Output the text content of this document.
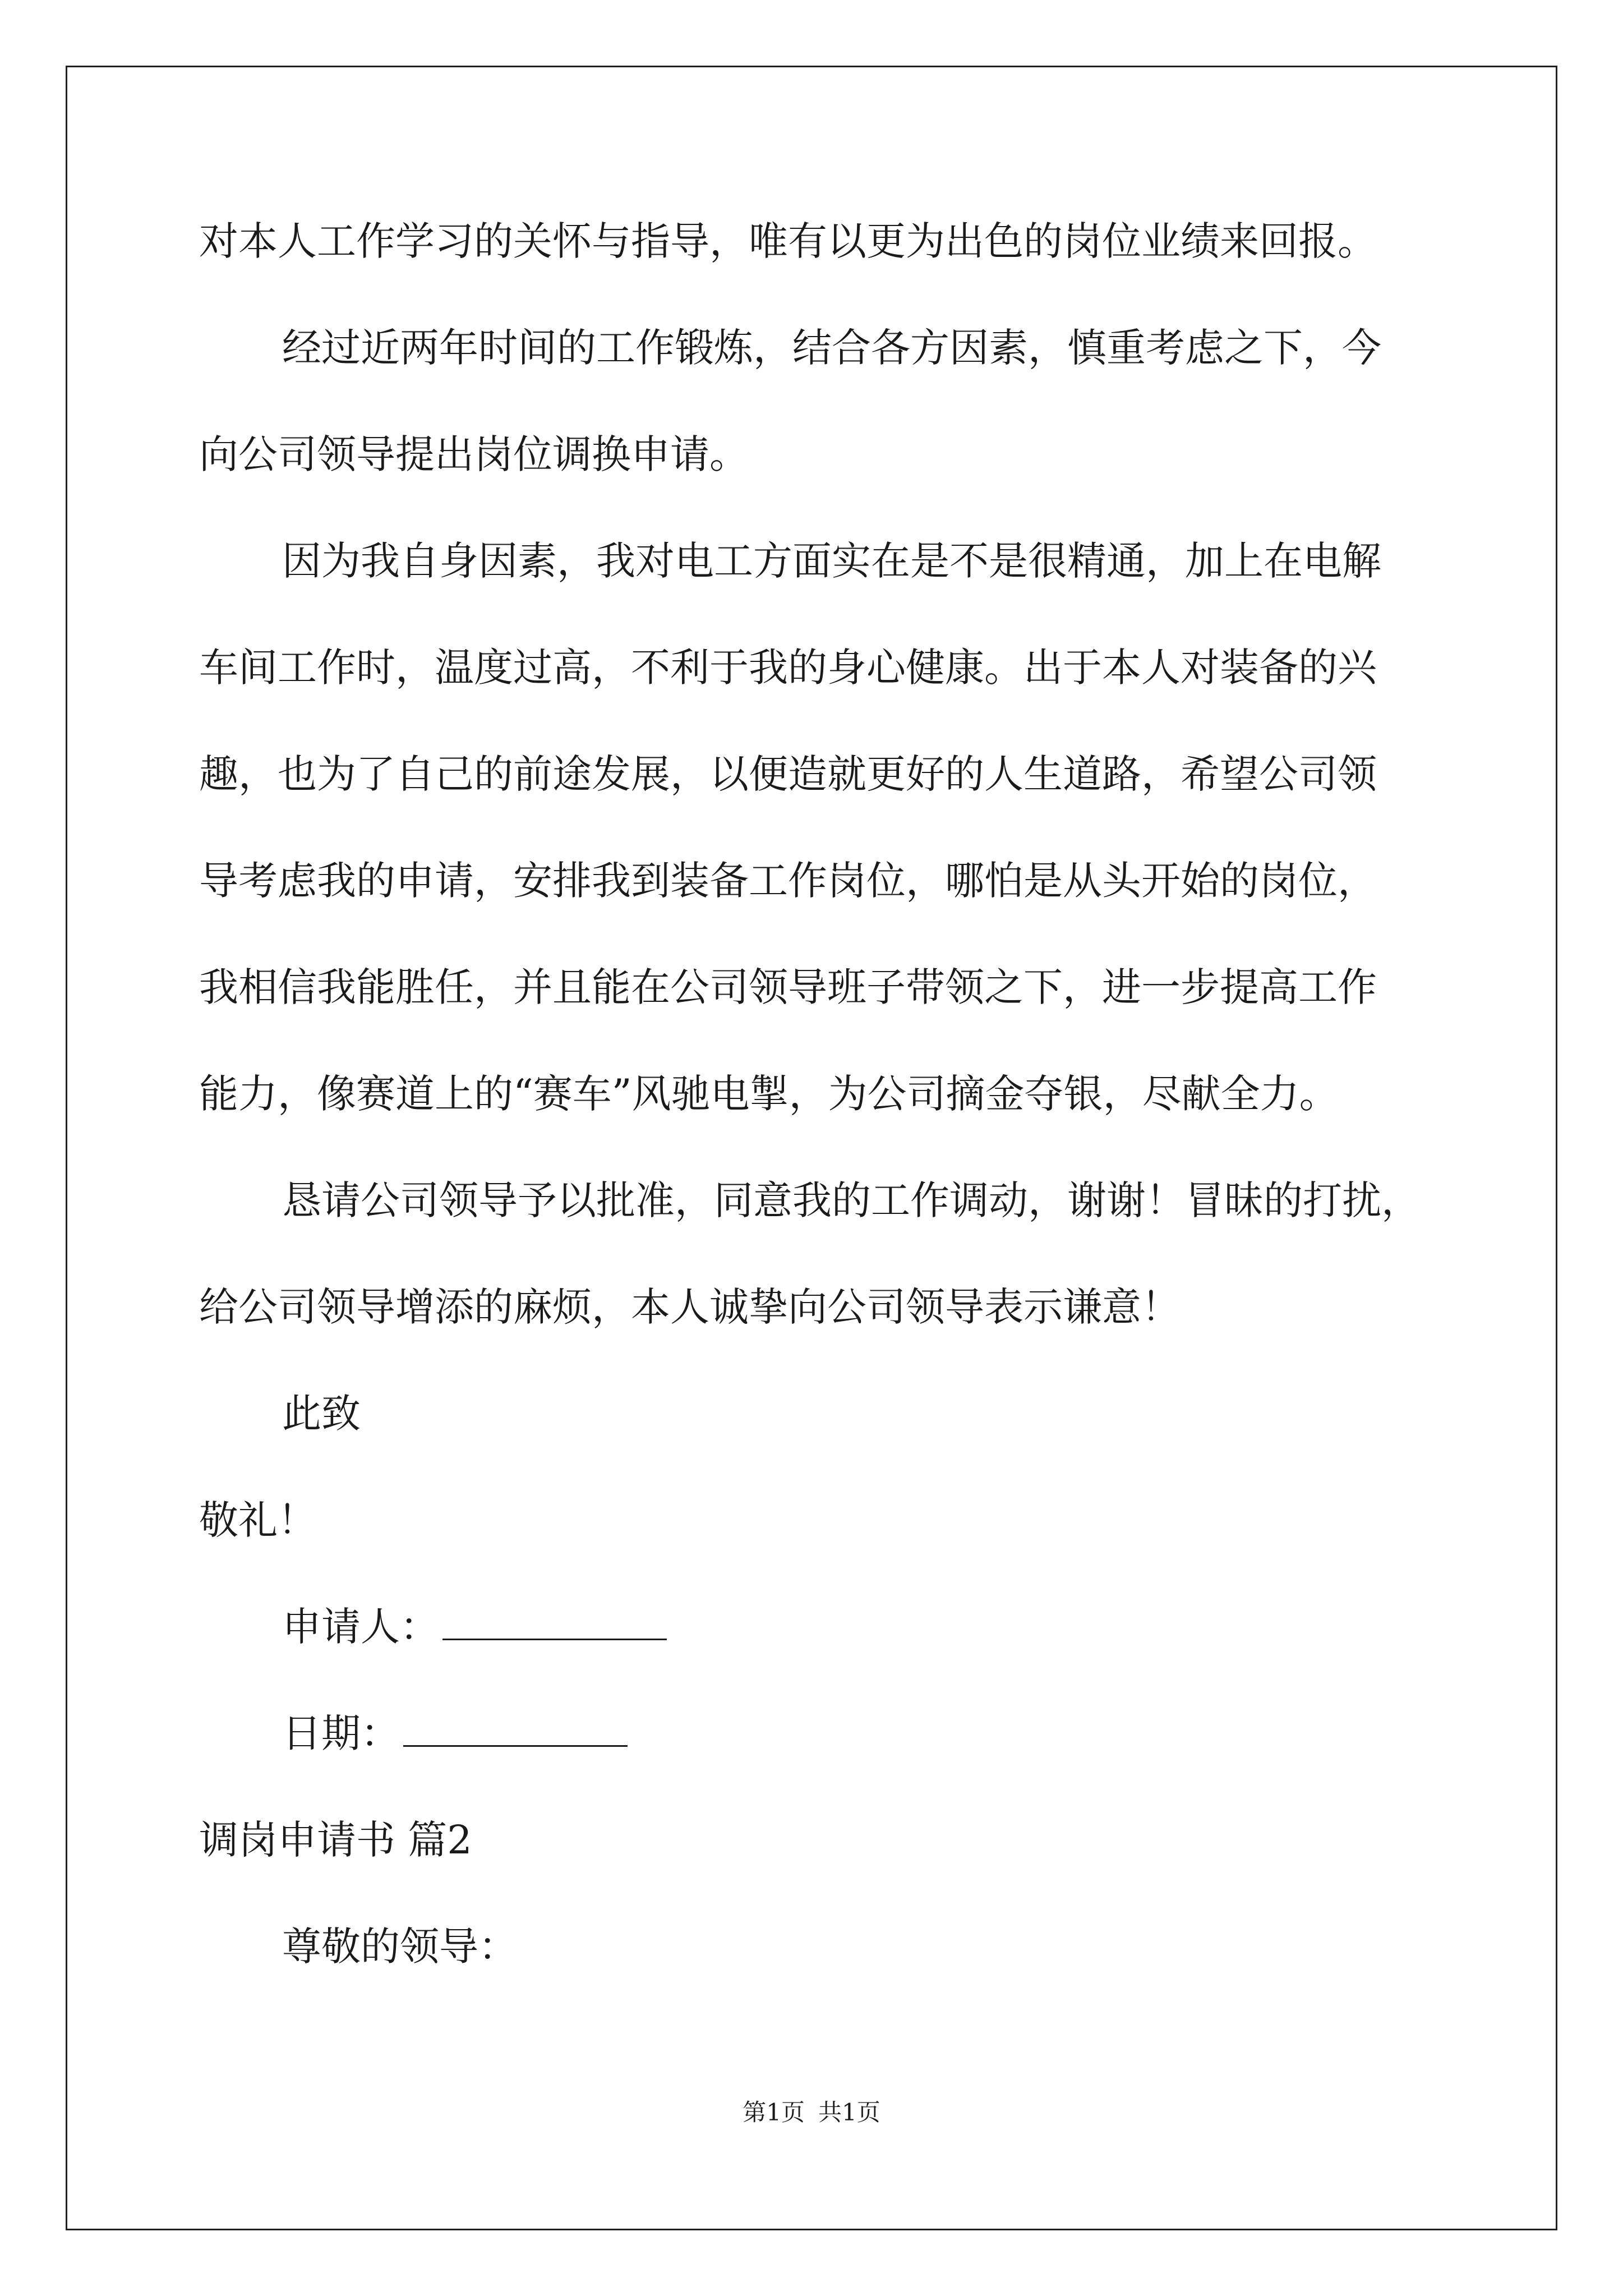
对本人工作学习的关怀与指导，唯有以更为出色的岗位业绩来回报。
经过近两年时间的工作锻炼，结合各方因素，慎重考虑之下，今
向公司领导提出岗位调换申请。
因为我自身因素，我对电工方面实在是不是很精通，加上在电解
车间工作时，温度过高，不利于我的身心健康。出于本人对装备的兴
趣，也为了自己的前途发展，以便造就更好的人生道路，希望公司领
导考虑我的申请，安排我到装备工作岗位，哪怕是从头开始的岗位，
我相信我能胜任，并且能在公司领导班子带领之下，进一步提高工作
能力，像赛道上的“赛车”风驰电掣，为公司摘金夺银，尽献全力。
恳请公司领导予以批准，同意我的工作调动，谢谢！冒昧的打扰，
给公司领导增添的麻烦，本人诚挚向公司领导表示谦意！
此致
敬礼！
申请人：
日期：
调岗申请书 篇2
尊敬的领导：
第1页 共1页
